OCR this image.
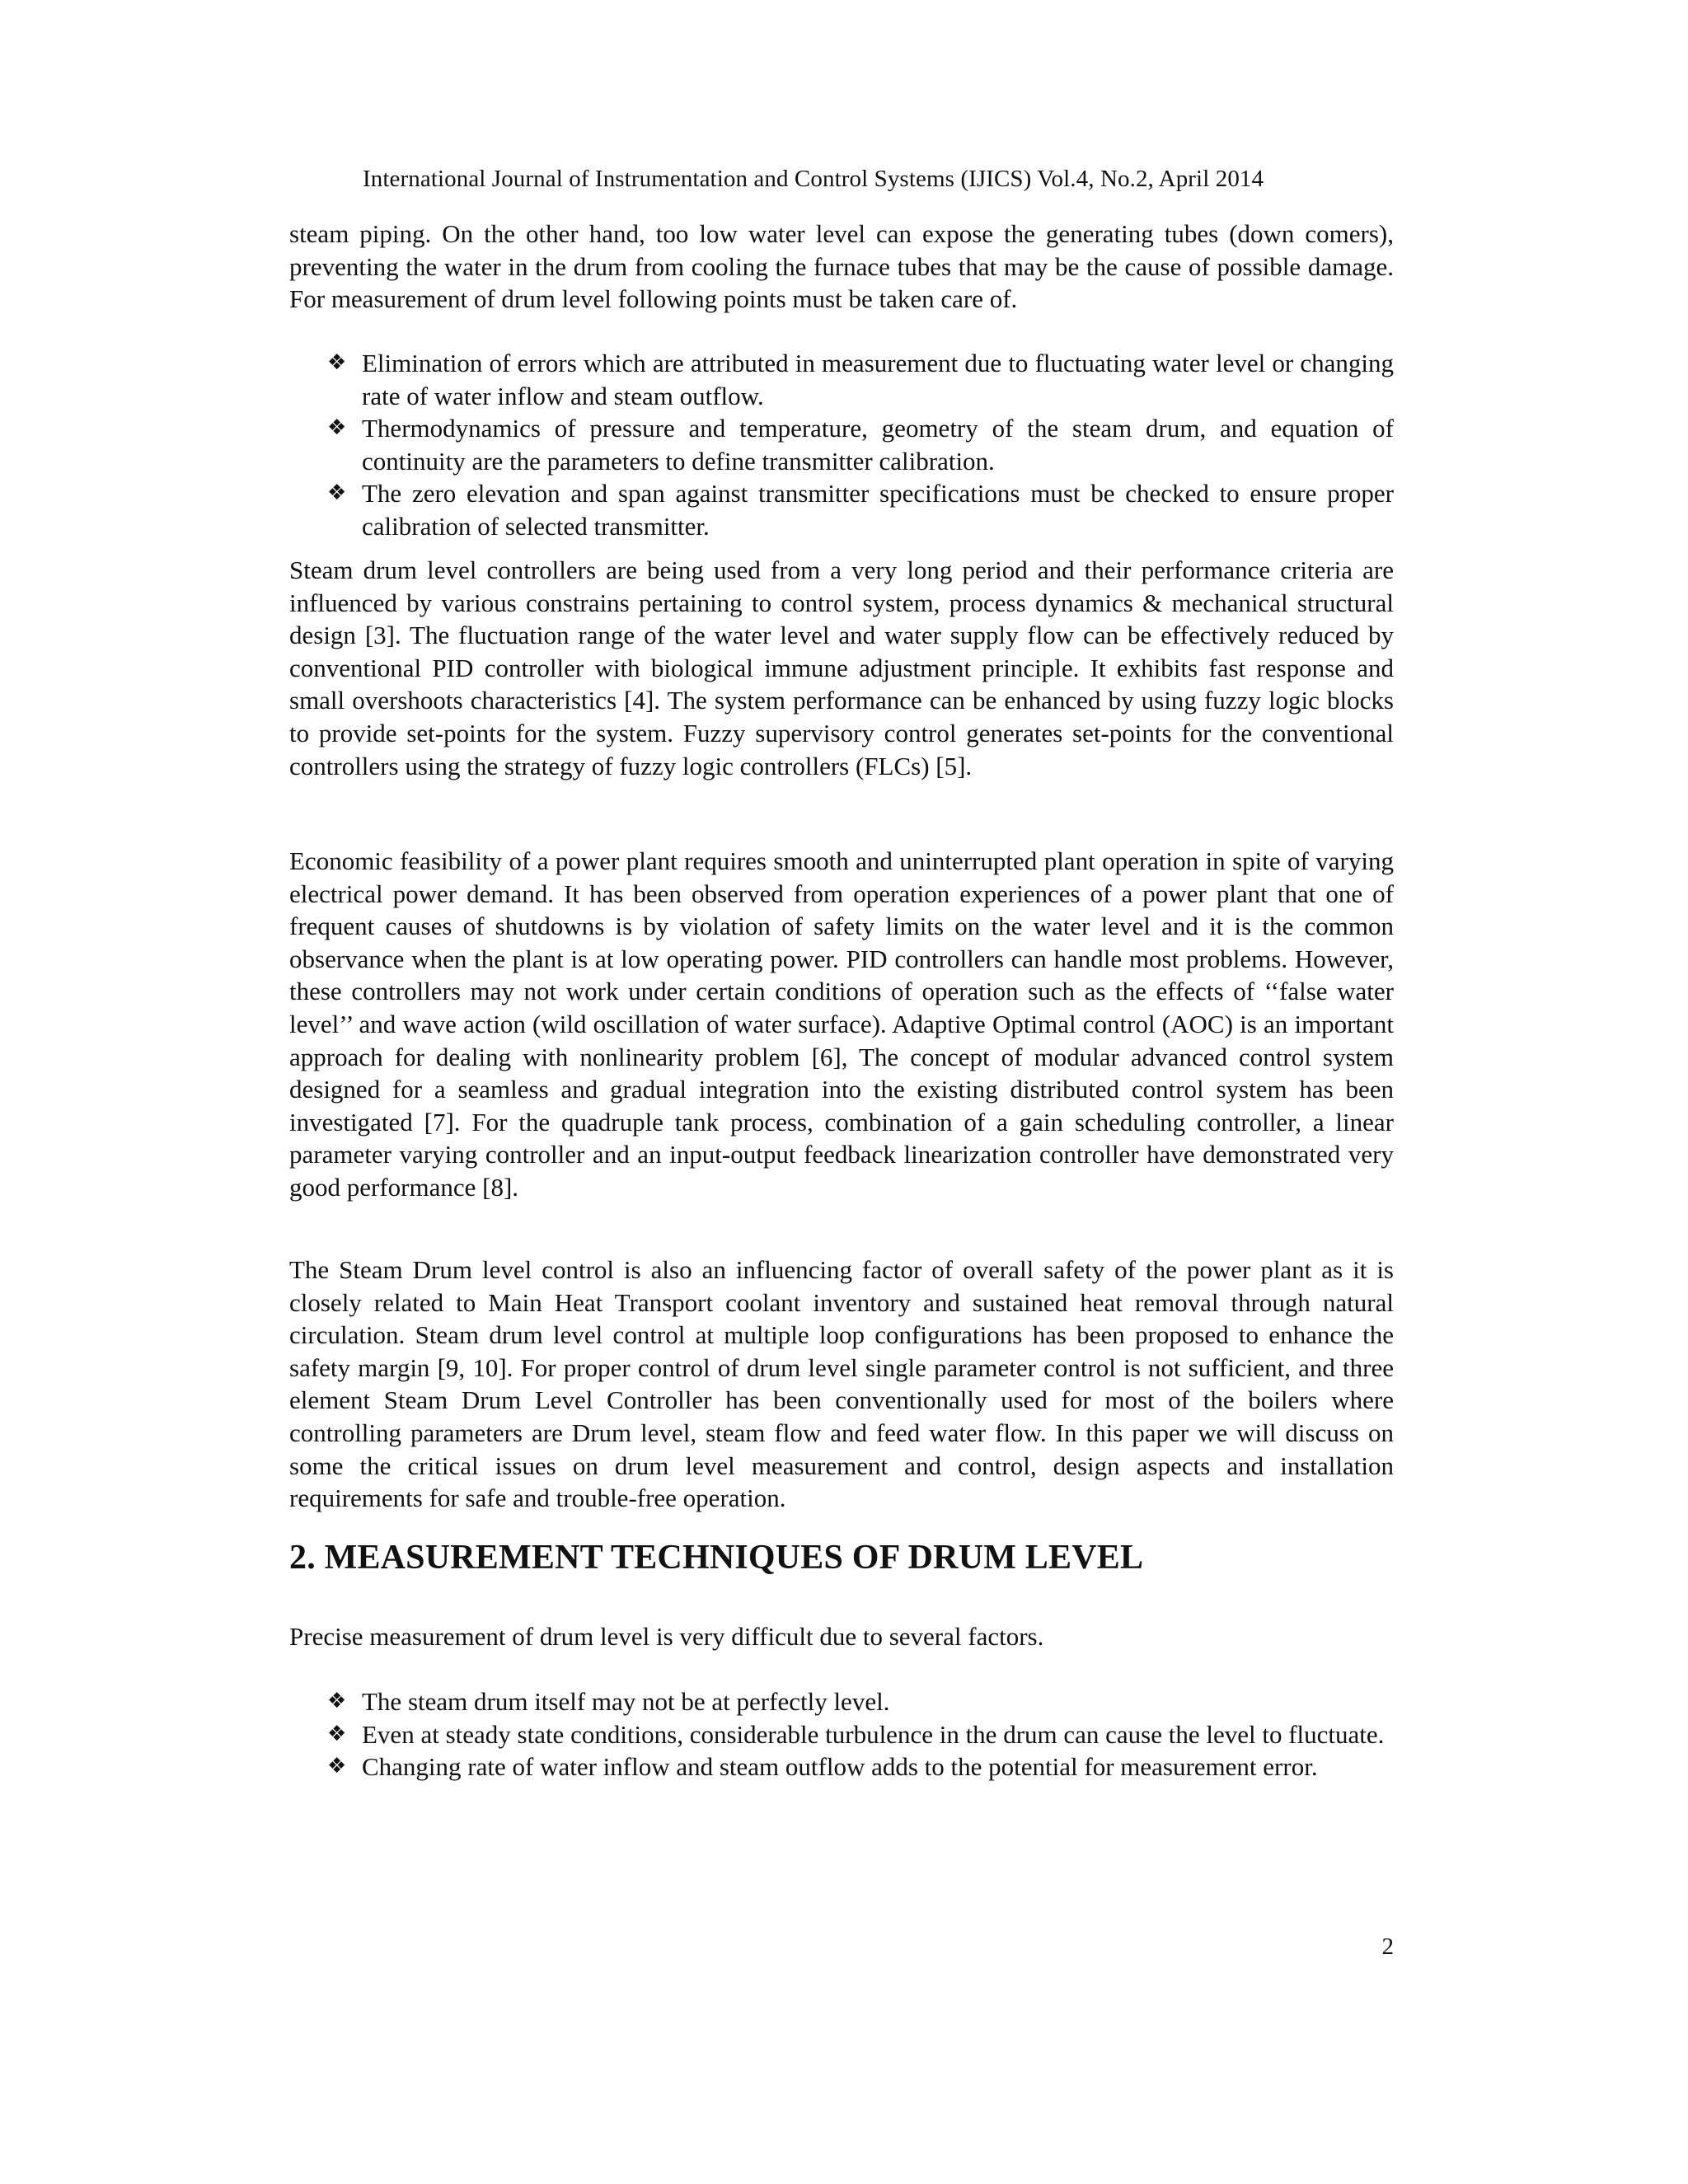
International Journal of Instrumentation and Control Systems (IJICS) Vol.4, No.2, April 2014

steam piping. On the other hand, too low water level can expose the generating tubes (down comers), preventing the water in the drum from cooling the furnace tubes that may be the cause of possible damage. For measurement of drum level following points must be taken care of.

❖ Elimination of errors which are attributed in measurement due to fluctuating water level or changing rate of water inflow and steam outflow.
❖ Thermodynamics of pressure and temperature, geometry of the steam drum, and equation of continuity are the parameters to define transmitter calibration.
❖ The zero elevation and span against transmitter specifications must be checked to ensure proper calibration of selected transmitter.

Steam drum level controllers are being used from a very long period and their performance criteria are influenced by various constrains pertaining to control system, process dynamics & mechanical structural design [3]. The fluctuation range of the water level and water supply flow can be effectively reduced by conventional PID controller with biological immune adjustment principle. It exhibits fast response and small overshoots characteristics [4]. The system performance can be enhanced by using fuzzy logic blocks to provide set-points for the system. Fuzzy supervisory control generates set-points for the conventional controllers using the strategy of fuzzy logic controllers (FLCs) [5].

Economic feasibility of a power plant requires smooth and uninterrupted plant operation in spite of varying electrical power demand. It has been observed from operation experiences of a power plant that one of frequent causes of shutdowns is by violation of safety limits on the water level and it is the common observance when the plant is at low operating power. PID controllers can handle most problems. However, these controllers may not work under certain conditions of operation such as the effects of ‘‘false water level’’ and wave action (wild oscillation of water surface). Adaptive Optimal control (AOC) is an important approach for dealing with nonlinearity problem [6], The concept of modular advanced control system designed for a seamless and gradual integration into the existing distributed control system has been investigated [7]. For the quadruple tank process, combination of a gain scheduling controller, a linear parameter varying controller and an input-output feedback linearization controller have demonstrated very good performance [8].

The Steam Drum level control is also an influencing factor of overall safety of the power plant as it is closely related to Main Heat Transport coolant inventory and sustained heat removal through natural circulation. Steam drum level control at multiple loop configurations has been proposed to enhance the safety margin [9, 10]. For proper control of drum level single parameter control is not sufficient, and three element Steam Drum Level Controller has been conventionally used for most of the boilers where controlling parameters are Drum level, steam flow and feed water flow. In this paper we will discuss on some the critical issues on drum level measurement and control, design aspects and installation requirements for safe and trouble-free operation.

2. MEASUREMENT TECHNIQUES OF DRUM LEVEL

Precise measurement of drum level is very difficult due to several factors.

❖ The steam drum itself may not be at perfectly level.
❖ Even at steady state conditions, considerable turbulence in the drum can cause the level to fluctuate.
❖ Changing rate of water inflow and steam outflow adds to the potential for measurement error.
2
